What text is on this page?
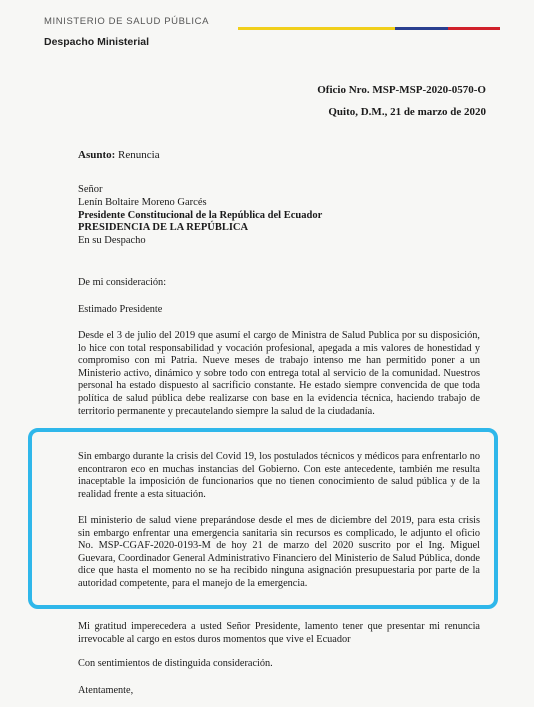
MINISTERIO DE SALUD PÚBLICA
Despacho Ministerial
Oficio Nro. MSP-MSP-2020-0570-O
Quito, D.M., 21 de marzo de 2020
Asunto: Renuncia
Señor
Lenín Boltaire Moreno Garcés
Presidente Constitucional de la República del Ecuador
PRESIDENCIA DE LA REPÚBLICA
En su Despacho
De mi consideración:
Estimado Presidente
Desde el 3 de julio del 2019 que asumí el cargo de Ministra de Salud Publica por su disposición, lo hice con total responsabilidad y vocación profesional, apegada a mis valores de honestidad y compromiso con mi Patria. Nueve meses de trabajo intenso me han permitido poner a un Ministerio activo, dinámico y sobre todo con entrega total al servicio de la comunidad. Nuestros personal ha estado dispuesto al sacrificio constante. He estado siempre convencida de que toda política de salud pública debe realizarse con base en la evidencia técnica, haciendo trabajo de territorio permanente y precautelando siempre la salud de la ciudadanía.
Sin embargo durante la crisis del Covid 19, los postulados técnicos y médicos para enfrentarlo no encontraron eco en muchas instancias del Gobierno. Con este antecedente, también me resulta inaceptable la imposición de funcionarios que no tienen conocimiento de salud pública y de la realidad frente a esta situación.
El ministerio de salud viene preparándose desde el mes de diciembre del 2019, para esta crisis sin embargo enfrentar una emergencia sanitaria sin recursos es complicado, le adjunto el oficio No. MSP-CGAF-2020-0193-M de hoy 21 de marzo del 2020 suscrito por el Ing. Miguel Guevara, Coordinador General Administrativo Financiero del Ministerio de Salud Pública, donde dice que hasta el momento no se ha recibido ninguna asignación presupuestaria por parte de la autoridad competente, para el manejo de la emergencia.
Mi gratitud imperecedera a usted Señor Presidente, lamento tener que presentar mi renuncia irrevocable al cargo en estos duros momentos que vive el Ecuador
Con sentimientos de distinguida consideración.
Atentamente,
